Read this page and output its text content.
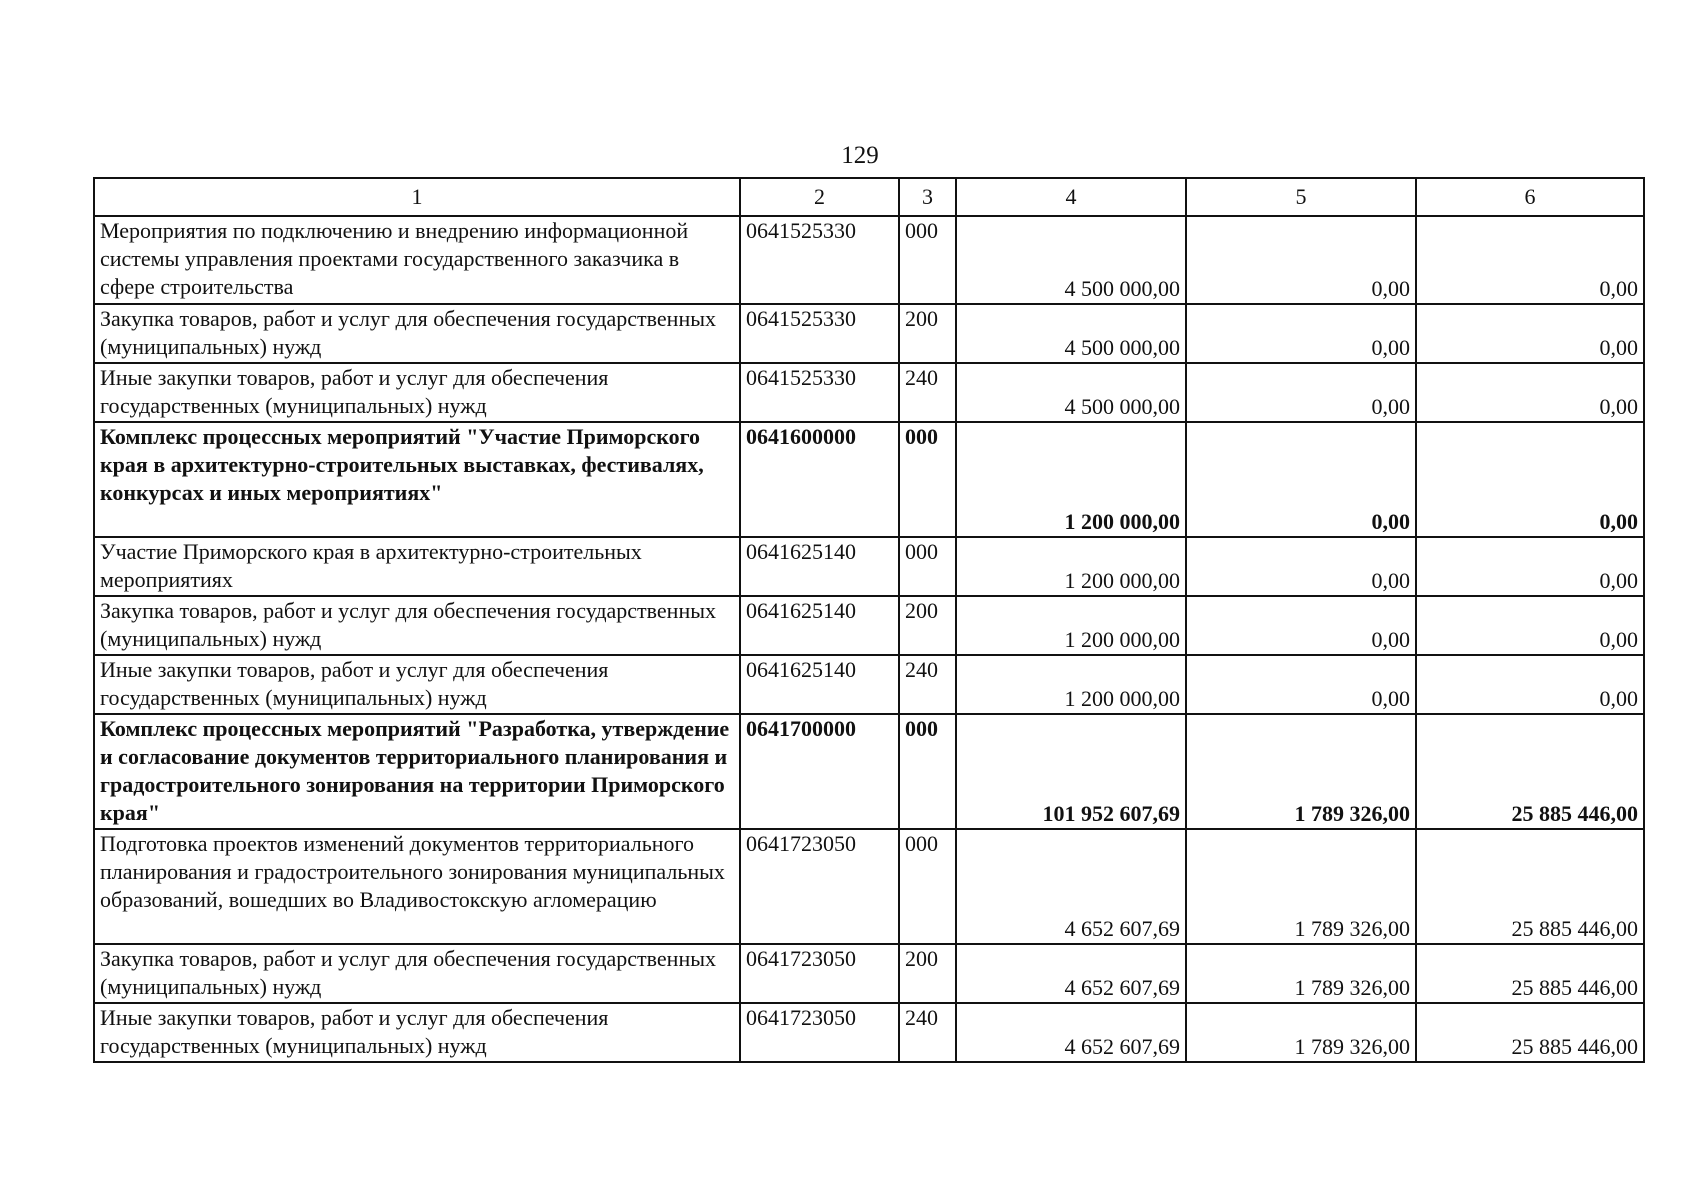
129
1	2	3	4	5	6
Мероприятия по подключению и внедрению информационной системы управления проектами государственного заказчика в сфере строительства	0641525330	000	4 500 000,00	0,00	0,00
Закупка товаров, работ и услуг для обеспечения государственных (муниципальных) нужд	0641525330	200	4 500 000,00	0,00	0,00
Иные закупки товаров, работ и услуг для обеспечения государственных (муниципальных) нужд	0641525330	240	4 500 000,00	0,00	0,00
Комплекс процессных мероприятий "Участие Приморского края в архитектурно-строительных выставках, фестивалях, конкурсах и иных мероприятиях"	0641600000	000	1 200 000,00	0,00	0,00
Участие Приморского края в архитектурно-строительных мероприятиях	0641625140	000	1 200 000,00	0,00	0,00
Закупка товаров, работ и услуг для обеспечения государственных (муниципальных) нужд	0641625140	200	1 200 000,00	0,00	0,00
Иные закупки товаров, работ и услуг для обеспечения государственных (муниципальных) нужд	0641625140	240	1 200 000,00	0,00	0,00
Комплекс процессных мероприятий "Разработка, утверждение и согласование документов территориального планирования и градостроительного зонирования на территории Приморского края"	0641700000	000	101 952 607,69	1 789 326,00	25 885 446,00
Подготовка проектов изменений документов территориального планирования и градостроительного зонирования муниципальных образований, вошедших во Владивостокскую агломерацию	0641723050	000	4 652 607,69	1 789 326,00	25 885 446,00
Закупка товаров, работ и услуг для обеспечения государственных (муниципальных) нужд	0641723050	200	4 652 607,69	1 789 326,00	25 885 446,00
Иные закупки товаров, работ и услуг для обеспечения государственных (муниципальных) нужд	0641723050	240	4 652 607,69	1 789 326,00	25 885 446,00
